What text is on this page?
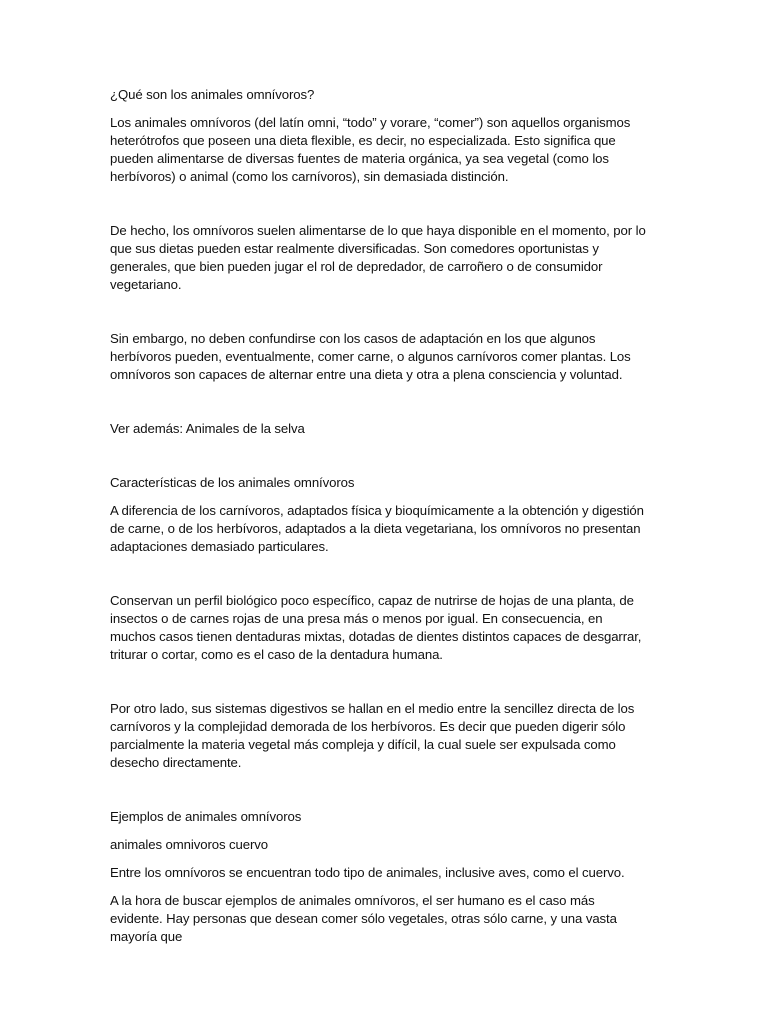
¿Qué son los animales omnívoros?

Los animales omnívoros (del latín omni, “todo” y vorare, “comer”) son aquellos organismos heterótrofos que poseen una dieta flexible, es decir, no especializada. Esto significa que pueden alimentarse de diversas fuentes de materia orgánica, ya sea vegetal (como los herbívoros) o animal (como los carnívoros), sin demasiada distinción.

De hecho, los omnívoros suelen alimentarse de lo que haya disponible en el momento, por lo que sus dietas pueden estar realmente diversificadas. Son comedores oportunistas y generales, que bien pueden jugar el rol de depredador, de carroñero o de consumidor vegetariano.

Sin embargo, no deben confundirse con los casos de adaptación en los que algunos herbívoros pueden, eventualmente, comer carne, o algunos carnívoros comer plantas. Los omnívoros son capaces de alternar entre una dieta y otra a plena consciencia y voluntad.

Ver además: Animales de la selva

Características de los animales omnívoros

A diferencia de los carnívoros, adaptados física y bioquímicamente a la obtención y digestión de carne, o de los herbívoros, adaptados a la dieta vegetariana, los omnívoros no presentan adaptaciones demasiado particulares.

Conservan un perfil biológico poco específico, capaz de nutrirse de hojas de una planta, de insectos o de carnes rojas de una presa más o menos por igual. En consecuencia, en muchos casos tienen dentaduras mixtas, dotadas de dientes distintos capaces de desgarrar, triturar o cortar, como es el caso de la dentadura humana.

Por otro lado, sus sistemas digestivos se hallan en el medio entre la sencillez directa de los carnívoros y la complejidad demorada de los herbívoros. Es decir que pueden digerir sólo parcialmente la materia vegetal más compleja y difícil, la cual suele ser expulsada como desecho directamente.

Ejemplos de animales omnívoros

animales omnivoros cuervo

Entre los omnívoros se encuentran todo tipo de animales, inclusive aves, como el cuervo.

A la hora de buscar ejemplos de animales omnívoros, el ser humano es el caso más evidente. Hay personas que desean comer sólo vegetales, otras sólo carne, y una vasta mayoría que
